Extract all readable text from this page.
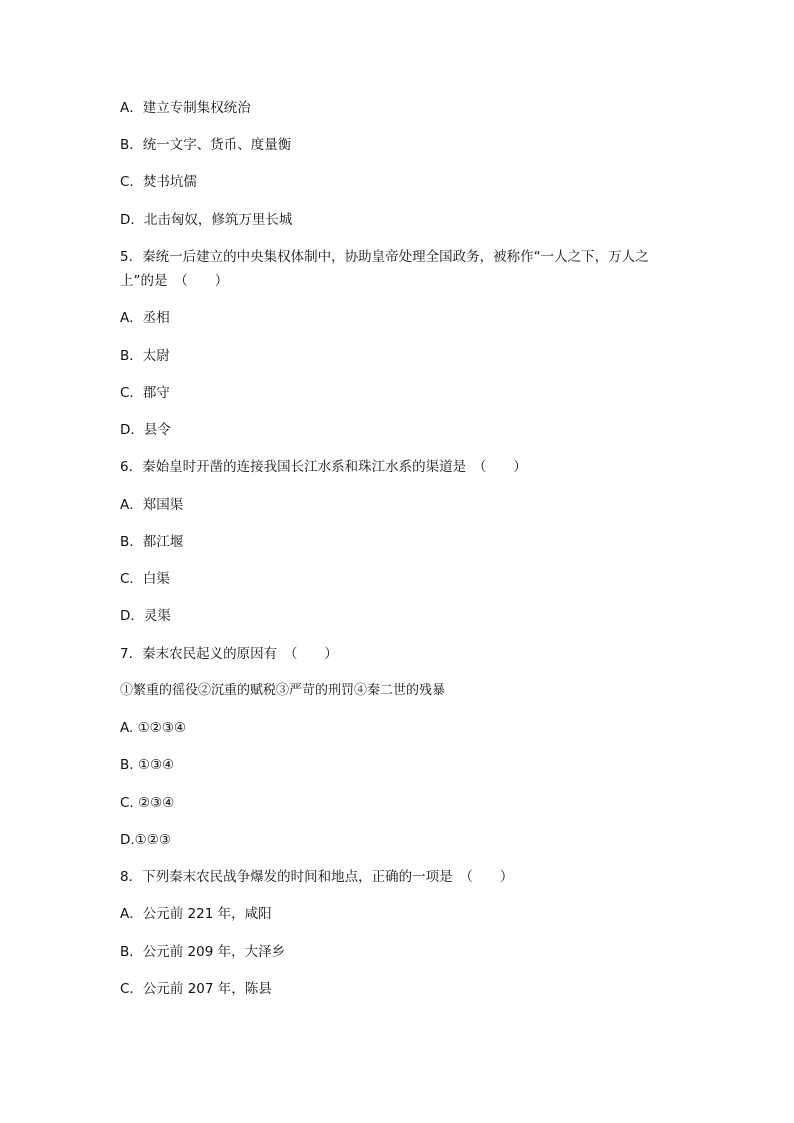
A．建立专制集权统治
B．统一文字、货币、度量衡
C．焚书坑儒
D．北击匈奴，修筑万里长城
5．秦统一后建立的中央集权体制中，协助皇帝处理全国政务，被称作“一人之下，万人之上”的是　（　　）
A．丞相
B．太尉
C．郡守
D．县令
6．秦始皇时开凿的连接我国长江水系和珠江水系的渠道是　（　　）
A．郑国渠
B．都江堰
C．白渠
D．灵渠
7．秦末农民起义的原因有　（　　）
①繁重的徭役②沉重的赋税③严苛的刑罚④秦二世的残暴
A. ①②③④
B. ①③④
C. ②③④
D.①②③
8．下列秦末农民战争爆发的时间和地点，正确的一项是　（　　）
A．公元前 221 年，咸阳
B．公元前 209 年，大泽乡
C．公元前 207 年，陈县
